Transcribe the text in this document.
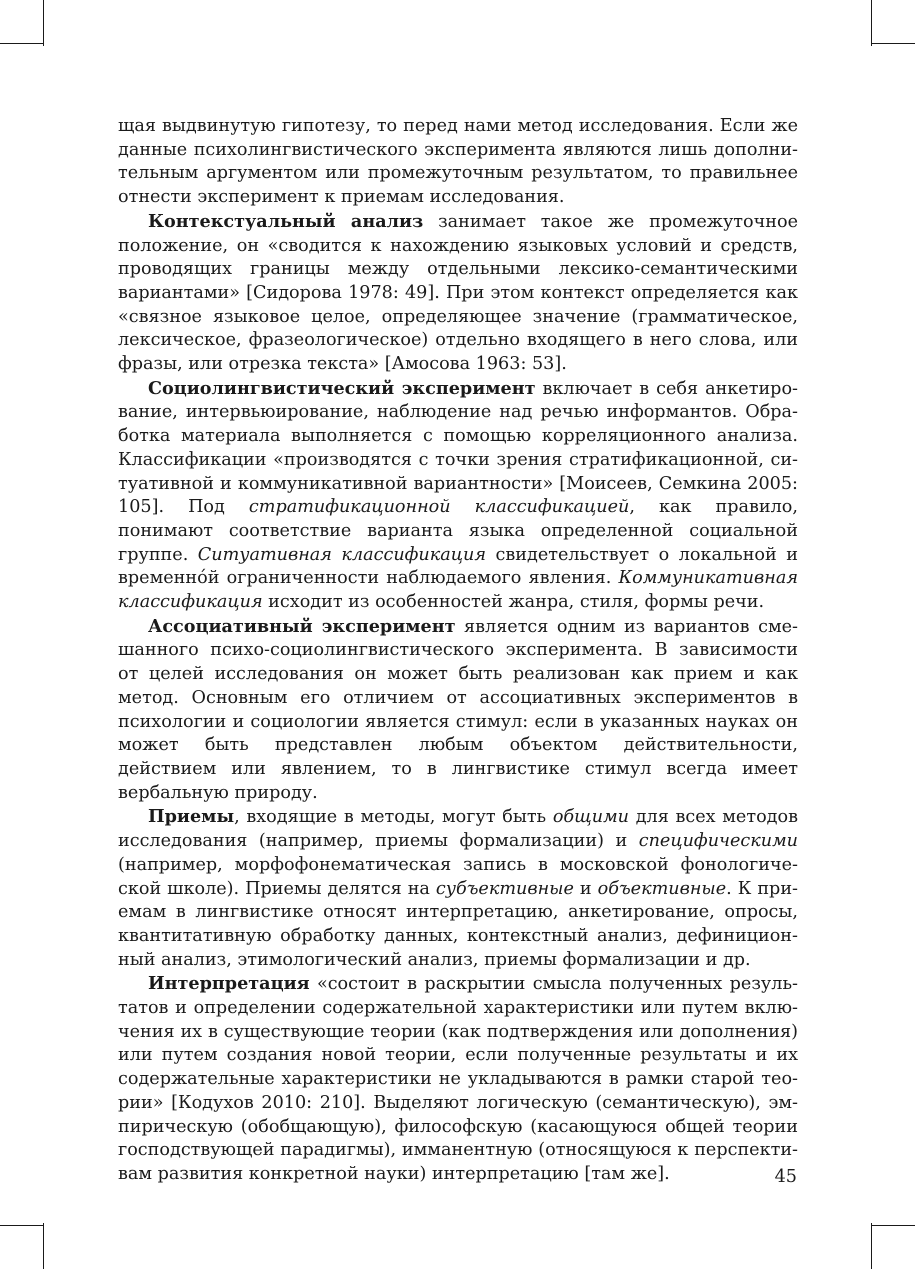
щая выдвинутую гипотезу, то перед нами метод исследования. Если же данные психолингвистического эксперимента являются лишь дополнительным аргументом или промежуточным результатом, то правильнее отнести эксперимент к приемам исследования.

Контекстуальный анализ занимает такое же промежуточное положение, он «сводится к нахождению языковых условий и средств, проводящих границы между отдельными лексико-семантическими вариантами» [Сидорова 1978: 49]. При этом контекст определяется как «связное языковое целое, определяющее значение (грамматическое, лексическое, фразеологическое) отдельно входящего в него слова, или фразы, или отрезка текста» [Амосова 1963: 53].

Социолингвистический эксперимент включает в себя анкетирование, интервьюирование, наблюдение над речью информантов. Обработка материала выполняется с помощью корреляционного анализа. Классификации «производятся с точки зрения стратификационной, ситуативной и коммуникативной вариантности» [Моисеев, Семкина 2005: 105]. Под стратификационной классификацией, как правило, понимают соответствие варианта языка определенной социальной группе. Ситуативная классификация свидетельствует о локальной и временнóй ограниченности наблюдаемого явления. Коммуникативная классификация исходит из особенностей жанра, стиля, формы речи.

Ассоциативный эксперимент является одним из вариантов смешанного психо-социолингвистического эксперимента. В зависимости от целей исследования он может быть реализован как прием и как метод. Основным его отличием от ассоциативных экспериментов в психологии и социологии является стимул: если в указанных науках он может быть представлен любым объектом действительности, действием или явлением, то в лингвистике стимул всегда имеет вербальную природу.

Приемы, входящие в методы, могут быть общими для всех методов исследования (например, приемы формализации) и специфическими (например, морфофонематическая запись в московской фонологической школе). Приемы делятся на субъективные и объективные. К приемам в лингвистике относят интерпретацию, анкетирование, опросы, квантитативную обработку данных, контекстный анализ, дефиниционный анализ, этимологический анализ, приемы формализации и др.

Интерпретация «состоит в раскрытии смысла полученных результатов и определении содержательной характеристики или путем включения их в существующие теории (как подтверждения или дополнения) или путем создания новой теории, если полученные результаты и их содержательные характеристики не укладываются в рамки старой теории» [Кодухов 2010: 210]. Выделяют логическую (семантическую), эмпирическую (обобщающую), философскую (касающуюся общей теории господствующей парадигмы), имманентную (относящуюся к перспективам развития конкретной науки) интерпретацию [там же].	45
